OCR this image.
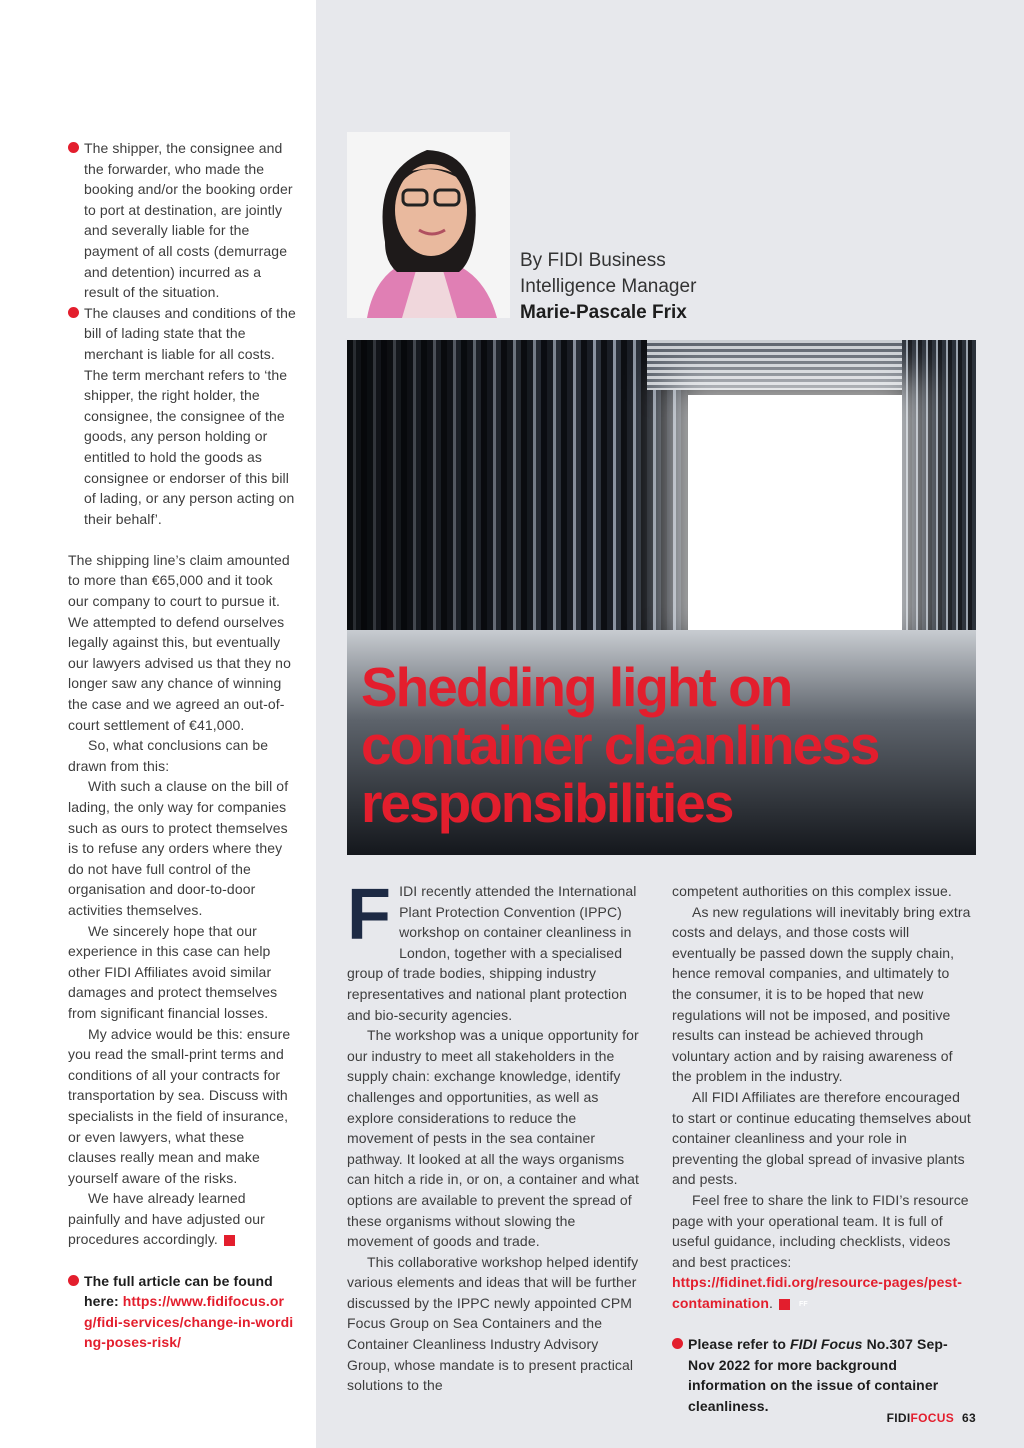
The shipper, the consignee and the forwarder, who made the booking and/or the booking order to port at destination, are jointly and severally liable for the payment of all costs (demurrage and detention) incurred as a result of the situation.

The clauses and conditions of the bill of lading state that the merchant is liable for all costs. The term merchant refers to ‘the shipper, the right holder, the consignee, the consignee of the goods, any person holding or entitled to hold the goods as consignee or endorser of this bill of lading, or any person acting on their behalf’.

The shipping line’s claim amounted to more than €65,000 and it took our company to court to pursue it. We attempted to defend ourselves legally against this, but eventually our lawyers advised us that they no longer saw any chance of winning the case and we agreed an out-of-court settlement of €41,000.

So, what conclusions can be drawn from this:

With such a clause on the bill of lading, the only way for companies such as ours to protect themselves is to refuse any orders where they do not have full control of the organisation and door-to-door activities themselves.

We sincerely hope that our experience in this case can help other FIDI Affiliates avoid similar damages and protect themselves from significant financial losses.

My advice would be this: ensure you read the small-print terms and conditions of all your contracts for transportation by sea. Discuss with specialists in the field of insurance, or even lawyers, what these clauses really mean and make yourself aware of the risks.

We have already learned painfully and have adjusted our procedures accordingly.	FF

The full article can be found here: https://www.fidifocus.org/fidi-services/change-in-wording-poses-risk/

By FIDI Business
Intelligence Manager
Marie-Pascale Frix
Shedding light on
container cleanliness
responsibilities

FIDI recently attended the International Plant Protection Convention (IPPC) workshop on container cleanliness in London, together with a specialised group of trade bodies, shipping industry representatives and national plant protection and bio-security agencies.

The workshop was a unique opportunity for our industry to meet all stakeholders in the supply chain: exchange knowledge, identify challenges and opportunities, as well as explore considerations to reduce the movement of pests in the sea container pathway. It looked at all the ways organisms can hitch a ride in, or on, a container and what options are available to prevent the spread of these organisms without slowing the movement of goods and trade.

This collaborative workshop helped identify various elements and ideas that will be further discussed by the IPPC newly appointed CPM Focus Group on Sea Containers and the Container Cleanliness Industry Advisory Group, whose mandate is to present practical solutions to the

competent authorities on this complex issue.

As new regulations will inevitably bring extra costs and delays, and those costs will eventually be passed down the supply chain, hence removal companies, and ultimately to the consumer, it is to be hoped that new regulations will not be imposed, and positive results can instead be achieved through voluntary action and by raising awareness of the problem in the industry.

All FIDI Affiliates are therefore encouraged to start or continue educating themselves about container cleanliness and your role in preventing the global spread of invasive plants and pests.

Feel free to share the link to FIDI’s resource page with your operational team. It is full of useful guidance, including checklists, videos and best practices: https://fidinet.fidi.org/resource-pages/pest-contamination.	FF

Please refer to FIDI Focus No.307 Sep-Nov 2022 for more background information on the issue of container cleanliness.

FIDIFOCUS 63
